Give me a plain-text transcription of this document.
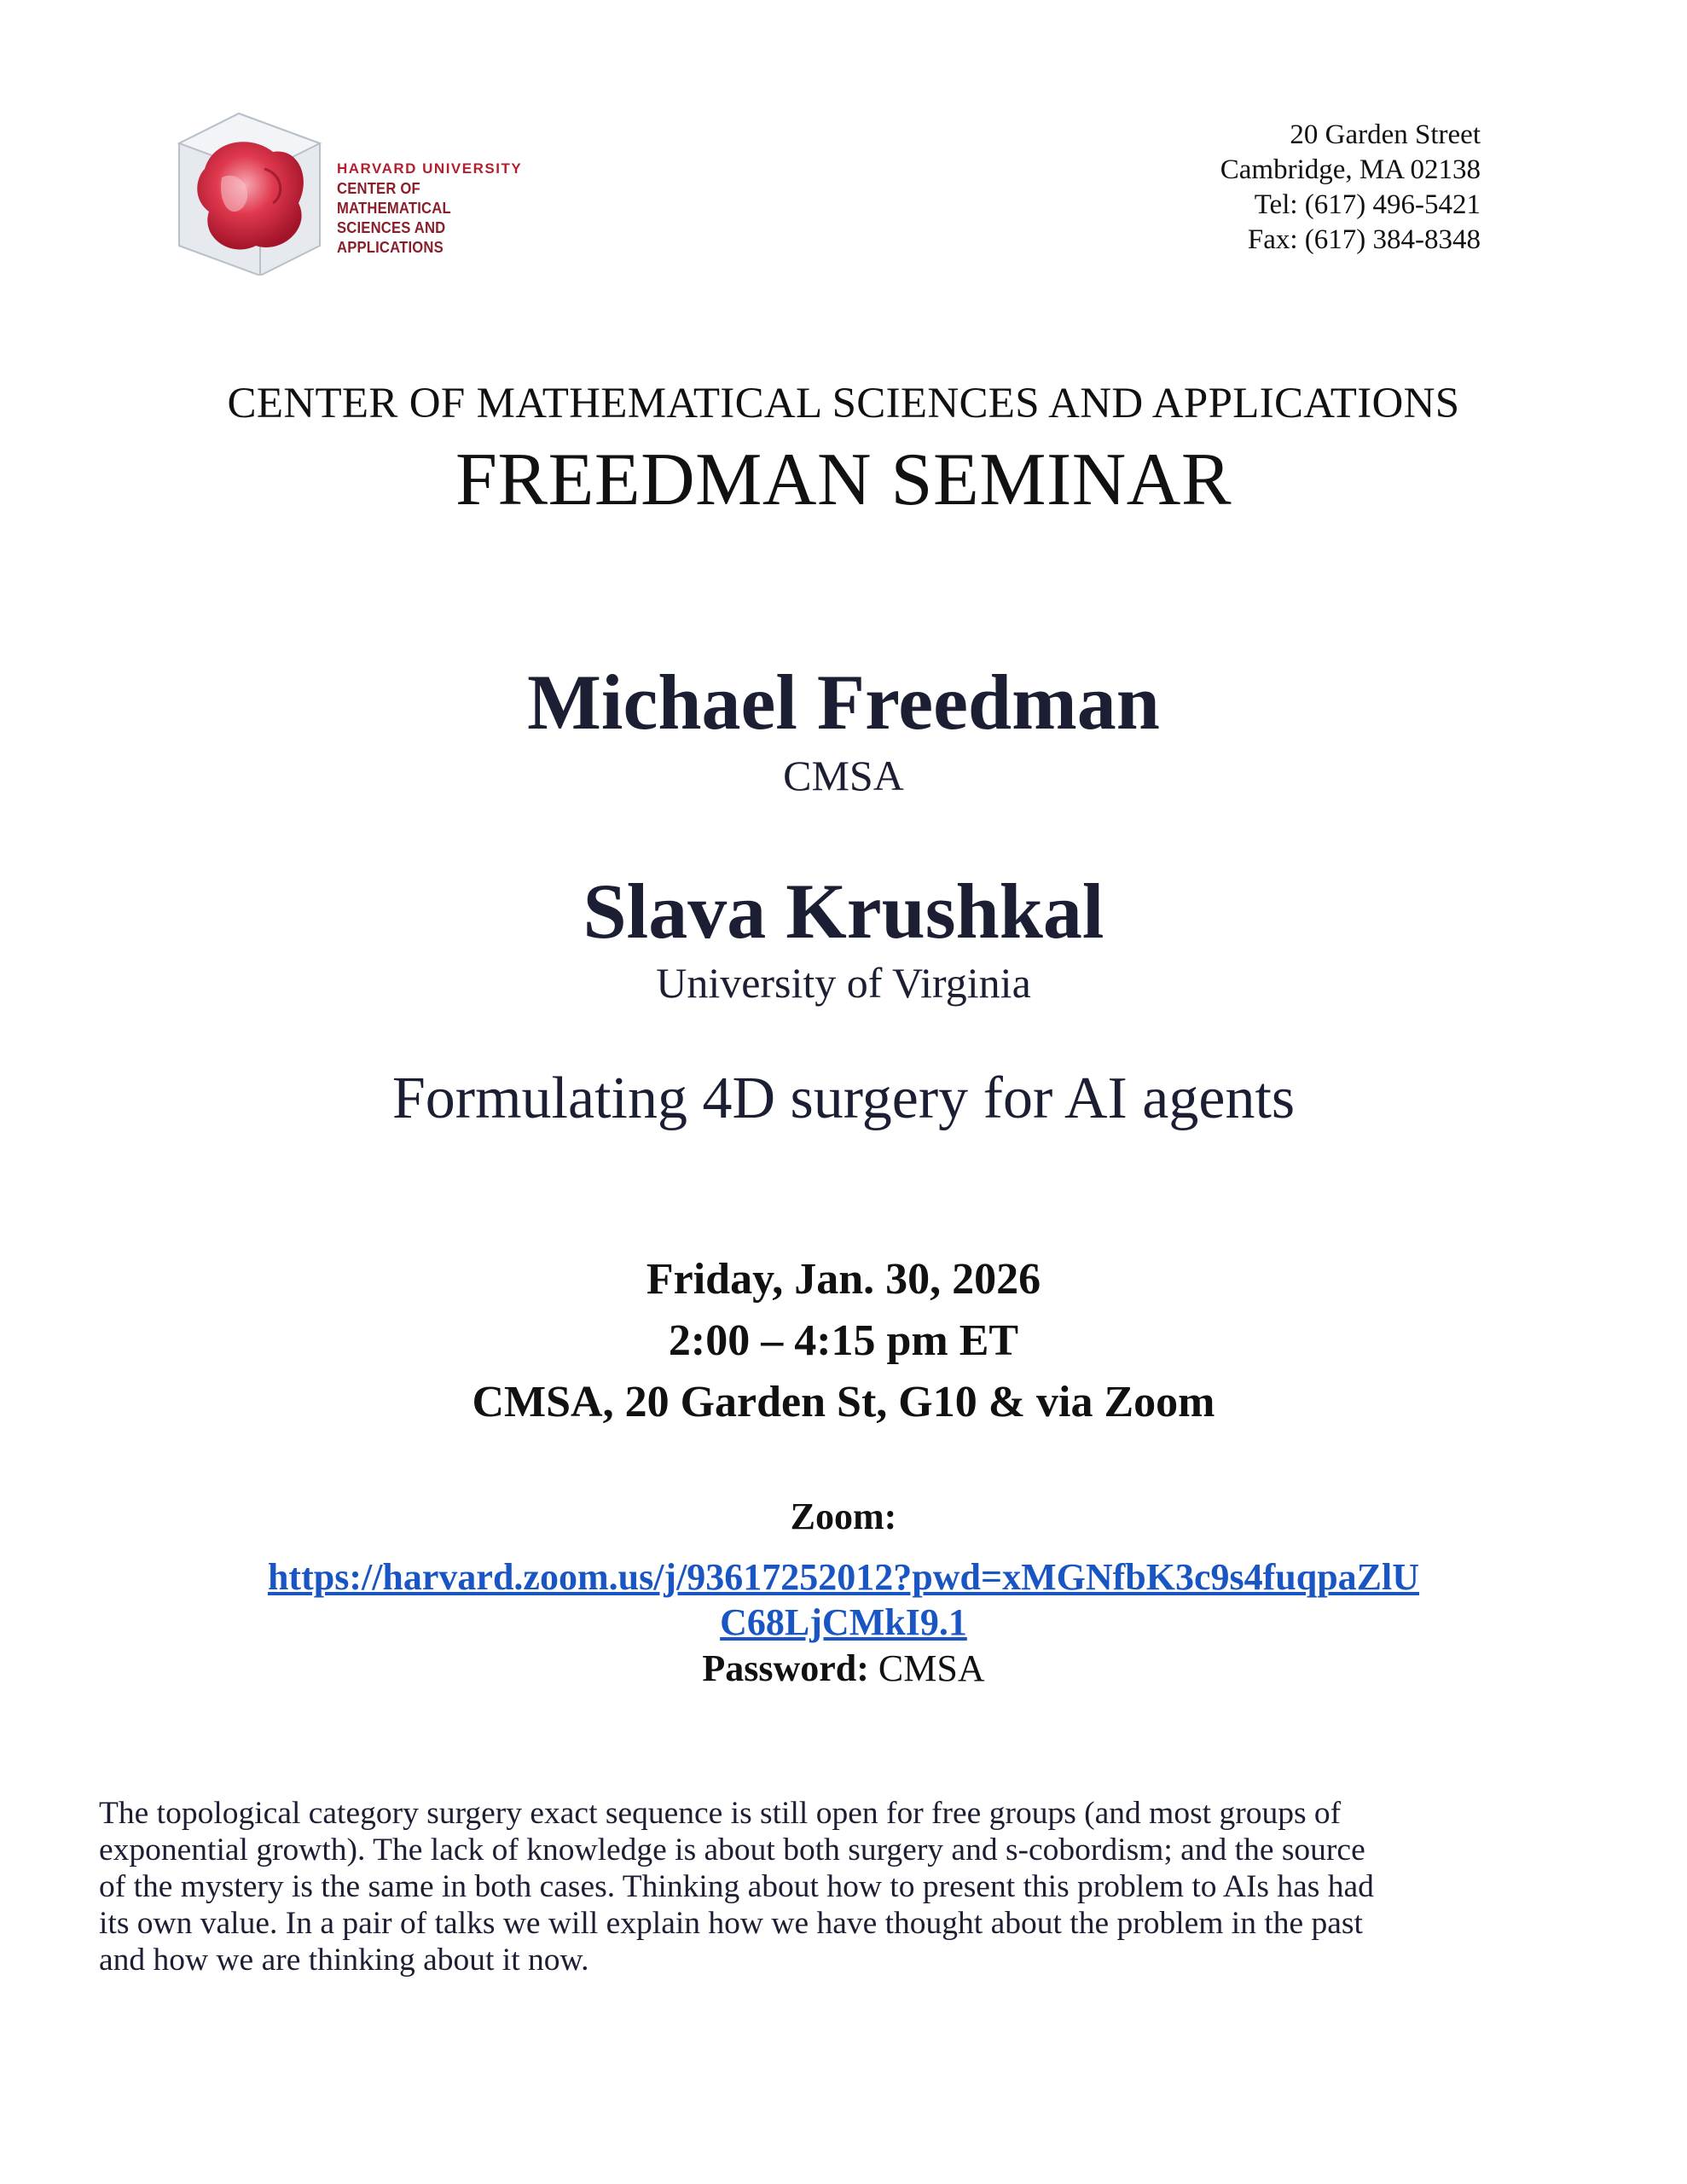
HARVARD UNIVERSITY
CENTER OF MATHEMATICAL
SCIENCES AND APPLICATIONS
20 Garden Street
Cambridge, MA 02138
Tel: (617) 496-5421
Fax: (617) 384-8348
CENTER OF MATHEMATICAL SCIENCES AND APPLICATIONS
FREEDMAN SEMINAR
Michael Freedman
CMSA
Slava Krushkal
University of Virginia
Formulating 4D surgery for AI agents
Friday, Jan. 30, 2026
2:00 – 4:15 pm ET
CMSA, 20 Garden St, G10 & via Zoom
Zoom:
https://harvard.zoom.us/j/93617252012?pwd=xMGNfbK3c9s4fuqpaZlU
C68LjCMkI9.1
Password: CMSA
The topological category surgery exact sequence is still open for free groups (and most groups of
exponential growth). The lack of knowledge is about both surgery and s-cobordism; and the source
of the mystery is the same in both cases. Thinking about how to present this problem to AIs has had
its own value. In a pair of talks we will explain how we have thought about the problem in the past
and how we are thinking about it now.
